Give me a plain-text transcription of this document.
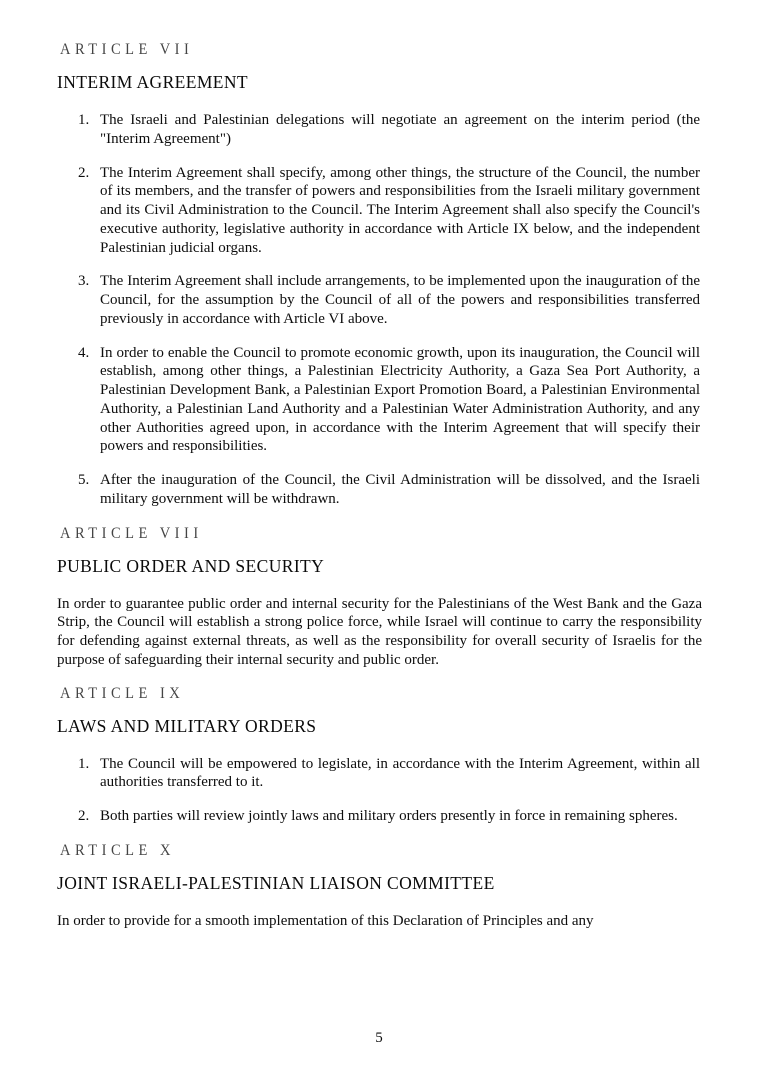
ARTICLE VII
INTERIM AGREEMENT
1. The Israeli and Palestinian delegations will negotiate an agreement on the interim period (the "Interim Agreement")
2. The Interim Agreement shall specify, among other things, the structure of the Council, the number of its members, and the transfer of powers and responsibilities from the Israeli military government and its Civil Administration to the Council. The Interim Agreement shall also specify the Council's executive authority, legislative authority in accordance with Article IX below, and the independent Palestinian judicial organs.
3. The Interim Agreement shall include arrangements, to be implemented upon the inauguration of the Council, for the assumption by the Council of all of the powers and responsibilities transferred previously in accordance with Article VI above.
4. In order to enable the Council to promote economic growth, upon its inauguration, the Council will establish, among other things, a Palestinian Electricity Authority, a Gaza Sea Port Authority, a Palestinian Development Bank, a Palestinian Export Promotion Board, a Palestinian Environmental Authority, a Palestinian Land Authority and a Palestinian Water Administration Authority, and any other Authorities agreed upon, in accordance with the Interim Agreement that will specify their powers and responsibilities.
5. After the inauguration of the Council, the Civil Administration will be dissolved, and the Israeli military government will be withdrawn.
ARTICLE VIII
PUBLIC ORDER AND SECURITY

In order to guarantee public order and internal security for the Palestinians of the West Bank and the Gaza Strip, the Council will establish a strong police force, while Israel will continue to carry the responsibility for defending against external threats, as well as the responsibility for overall security of Israelis for the purpose of safeguarding their internal security and public order.

ARTICLE IX
LAWS AND MILITARY ORDERS
1. The Council will be empowered to legislate, in accordance with the Interim Agreement, within all authorities transferred to it.
2. Both parties will review jointly laws and military orders presently in force in remaining spheres.
ARTICLE X
JOINT ISRAELI-PALESTINIAN LIAISON COMMITTEE

In order to provide for a smooth implementation of this Declaration of Principles and any

5
